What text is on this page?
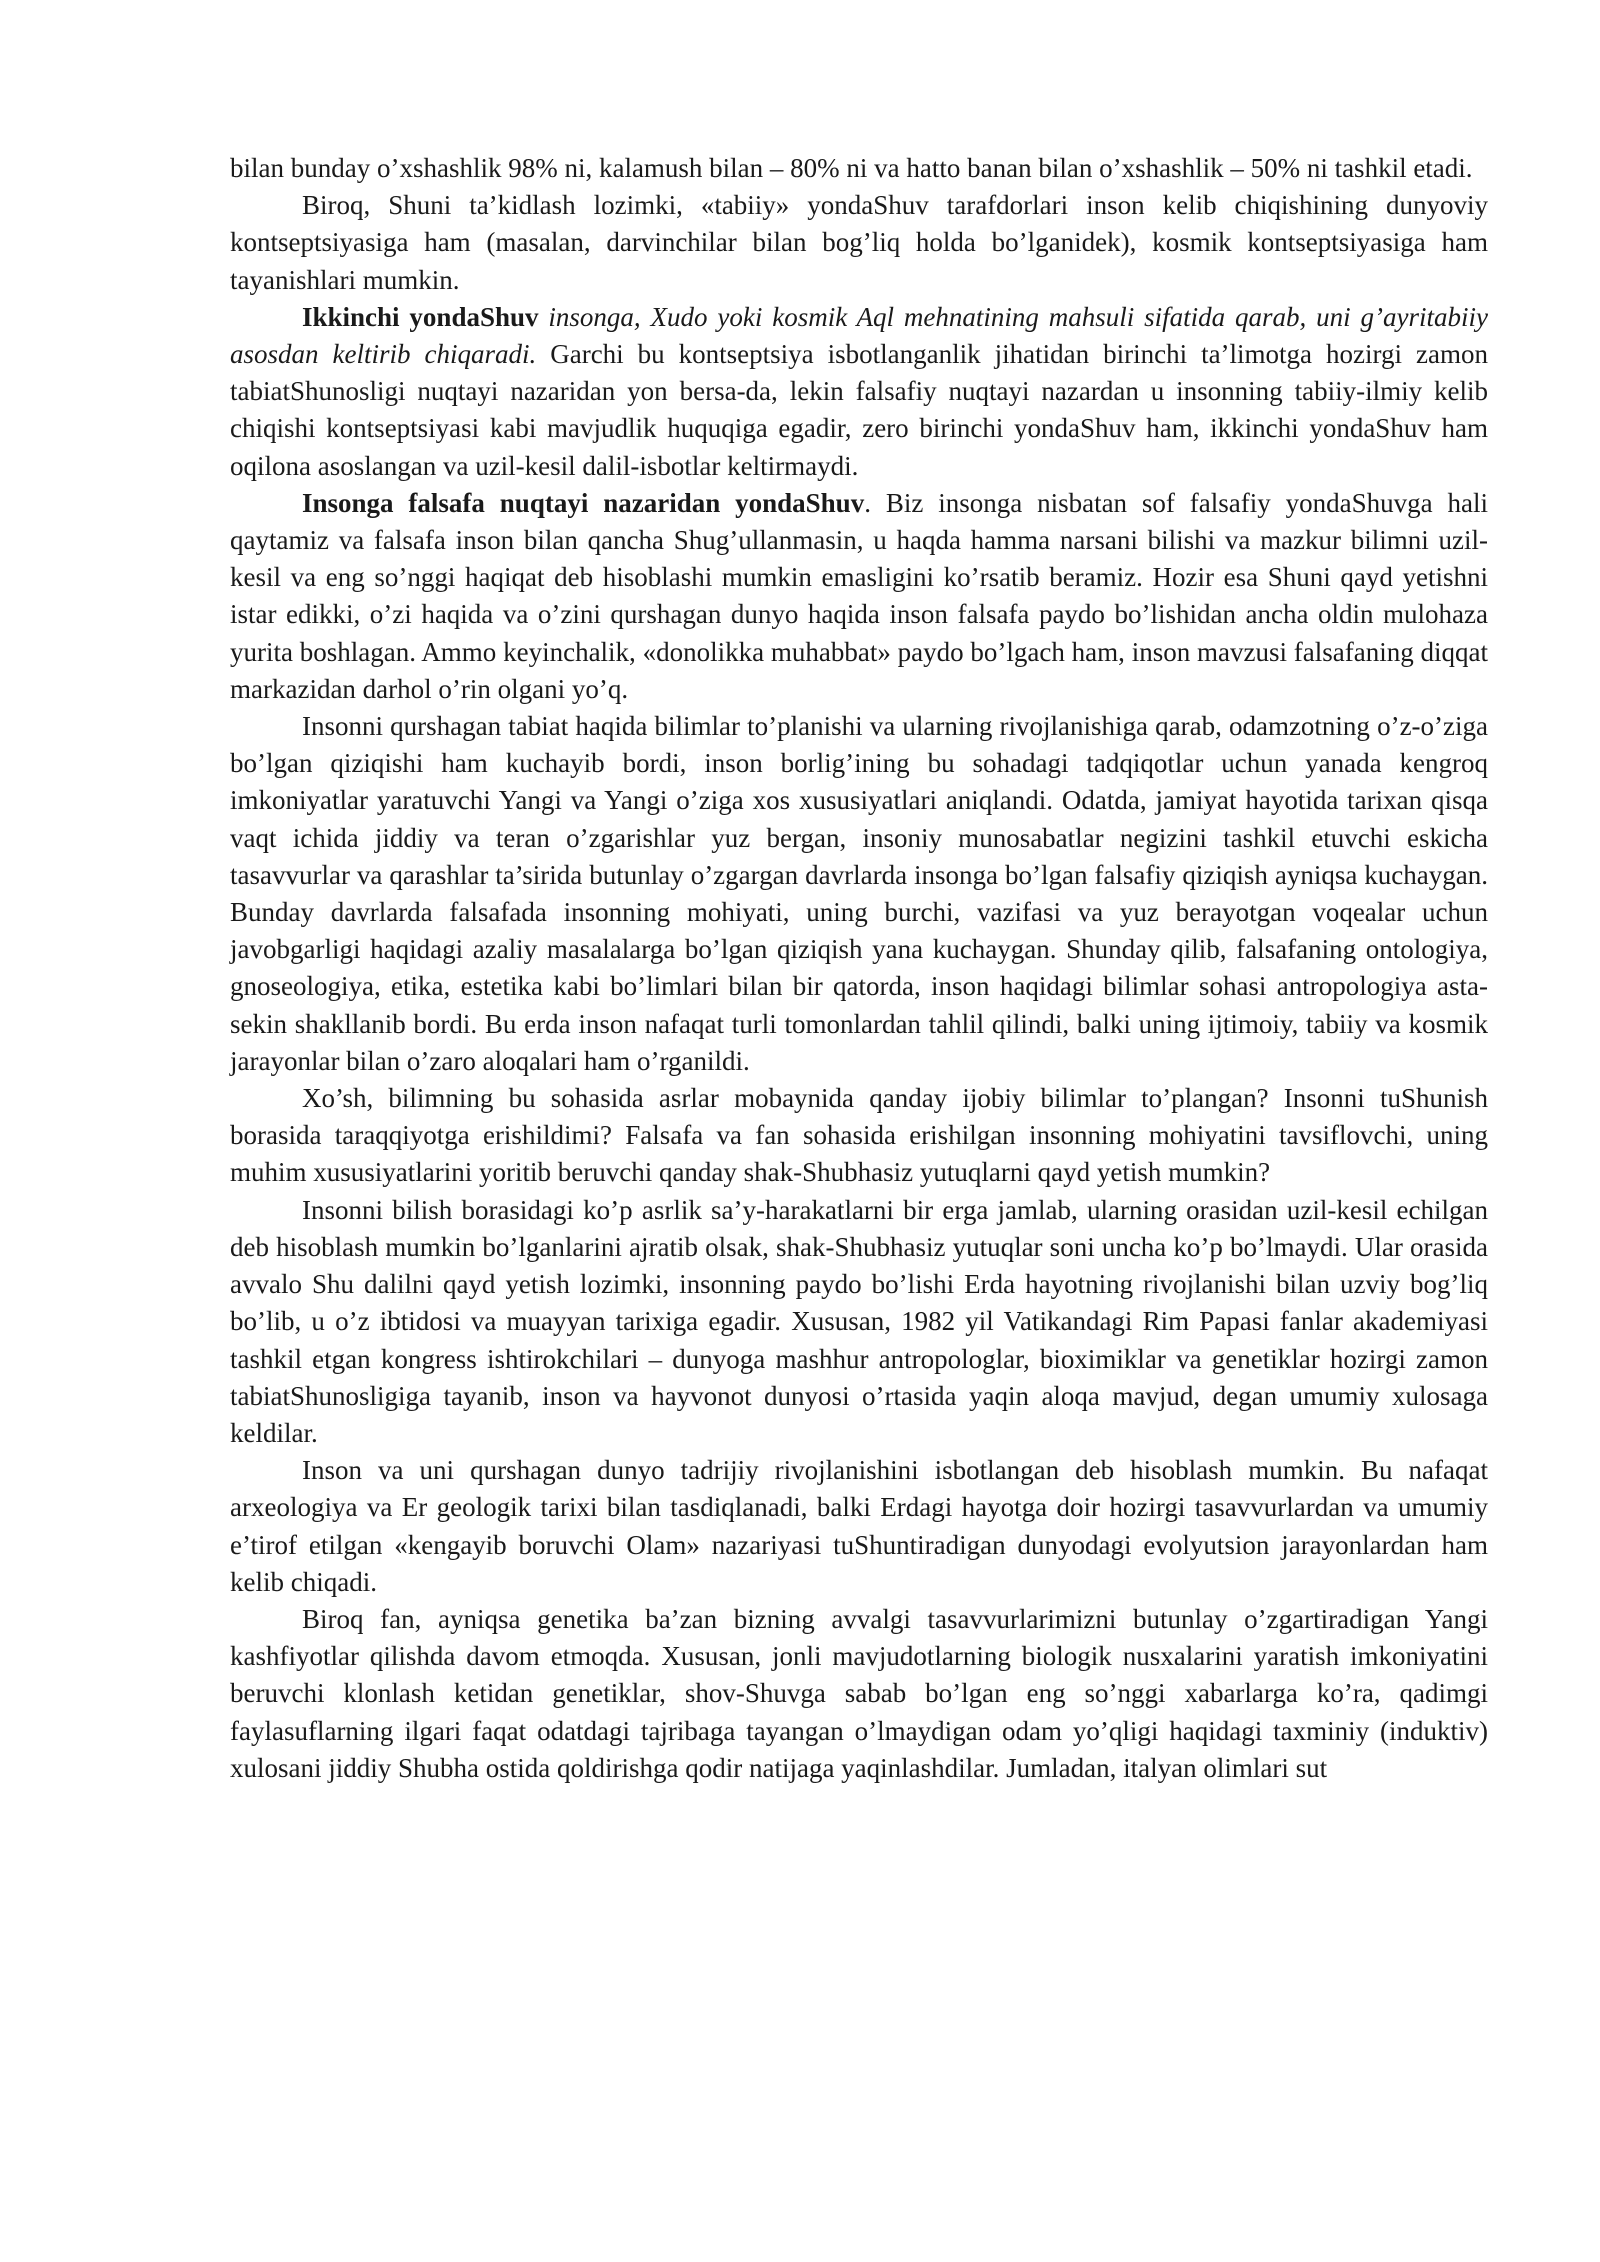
bilan bunday o’xshashlik 98% ni, kalamush bilan – 80% ni va hatto banan bilan o’xshashlik – 50% ni tashkil etadi.

Biroq, Shuni ta’kidlash lozimki, «tabiiy» yondaShuv tarafdorlari inson kelib chiqishining dunyoviy kontseptsiyasiga ham (masalan, darvinchilar bilan bog’liq holda bo’lganidek), kosmik kontseptsiyasiga ham tayanishlari mumkin.

Ikkinchi yondaShuv insonga, Xudo yoki kosmik Aql mehnatining mahsuli sifatida qarab, uni g’ayritabiiy asosdan keltirib chiqaradi. Garchi bu kontseptsiya isbotlanganlik jihatidan birinchi ta’limotga hozirgi zamon tabiatShunosligi nuqtayi nazaridan yon bersa-da, lekin falsafiy nuqtayi nazardan u insonning tabiiy-ilmiy kelib chiqishi kontseptsiyasi kabi mavjudlik huquqiga egadir, zero birinchi yondaShuv ham, ikkinchi yondaShuv ham oqilona asoslangan va uzil-kesil dalil-isbotlar keltirmaydi.

Insonga falsafa nuqtayi nazaridan yondaShuv. Biz insonga nisbatan sof falsafiy yondaShuvga hali qaytamiz va falsafa inson bilan qancha Shug’ullanmasin, u haqda hamma narsani bilishi va mazkur bilimni uzil-kesil va eng so’nggi haqiqat deb hisoblashi mumkin emasligini ko’rsatib beramiz. Hozir esa Shuni qayd yetishni istar edikki, o’zi haqida va o’zini qurshagan dunyo haqida inson falsafa paydo bo’lishidan ancha oldin mulohaza yurita boshlagan. Ammo keyinchalik, «donolikka muhabbat» paydo bo’lgach ham, inson mavzusi falsafaning diqqat markazidan darhol o’rin olgani yo’q.

Insonni qurshagan tabiat haqida bilimlar to’planishi va ularning rivojlanishiga qarab, odamzotning o’z-o’ziga bo’lgan qiziqishi ham kuchayib bordi, inson borlig’ining bu sohadagi tadqiqotlar uchun yanada kengroq imkoniyatlar yaratuvchi Yangi va Yangi o’ziga xos xususiyatlari aniqlandi. Odatda, jamiyat hayotida tarixan qisqa vaqt ichida jiddiy va teran o’zgarishlar yuz bergan, insoniy munosabatlar negizini tashkil etuvchi eskicha tasavvurlar va qarashlar ta’sirida butunlay o’zgargan davrlarda insonga bo’lgan falsafiy qiziqish ayniqsa kuchaygan. Bunday davrlarda falsafada insonning mohiyati, uning burchi, vazifasi va yuz berayotgan voqealar uchun javobgarligi haqidagi azaliy masalalarga bo’lgan qiziqish yana kuchaygan. Shunday qilib, falsafaning ontologiya, gnoseologiya, etika, estetika kabi bo’limlari bilan bir qatorda, inson haqidagi bilimlar sohasi antropologiya asta-sekin shakllanib bordi. Bu erda inson nafaqat turli tomonlardan tahlil qilindi, balki uning ijtimoiy, tabiiy va kosmik jarayonlar bilan o’zaro aloqalari ham o’rganildi.

Xo’sh, bilimning bu sohasida asrlar mobaynida qanday ijobiy bilimlar to’plangan? Insonni tuShunish borasida taraqqiyotga erishildimi? Falsafa va fan sohasida erishilgan insonning mohiyatini tavsiflovchi, uning muhim xususiyatlarini yoritib beruvchi qanday shak-Shubhasiz yutuqlarni qayd yetish mumkin?

Insonni bilish borasidagi ko’p asrlik sa’y-harakatlarni bir erga jamlab, ularning orasidan uzil-kesil echilgan deb hisoblash mumkin bo’lganlarini ajratib olsak, shak-Shubhasiz yutuqlar soni uncha ko’p bo’lmaydi. Ular orasida avvalo Shu dalilni qayd yetish lozimki, insonning paydo bo’lishi Erda hayotning rivojlanishi bilan uzviy bog’liq bo’lib, u o’z ibtidosi va muayyan tarixiga egadir. Xususan, 1982 yil Vatikandagi Rim Papasi fanlar akademiyasi tashkil etgan kongress ishtirokchilari – dunyoga mashhur antropologlar, bioximiklar va genetiklar hozirgi zamon tabiatShunosligiga tayanib, inson va hayvonot dunyosi o’rtasida yaqin aloqa mavjud, degan umumiy xulosaga keldilar.

Inson va uni qurshagan dunyo tadrijiy rivojlanishini isbotlangan deb hisoblash mumkin. Bu nafaqat arxeologiya va Er geologik tarixi bilan tasdiqlanadi, balki Erdagi hayotga doir hozirgi tasavvurlardan va umumiy e’tirof etilgan «kengayib boruvchi Olam» nazariyasi tuShuntiradigan dunyodagi evolyutsion jarayonlardan ham kelib chiqadi.

Biroq fan, ayniqsa genetika ba’zan bizning avvalgi tasavvurlarimizni butunlay o’zgartiradigan Yangi kashfiyotlar qilishda davom etmoqda. Xususan, jonli mavjudotlarning biologik nusxalarini yaratish imkoniyatini beruvchi klonlash ketidan genetiklar, shov-Shuvga sabab bo’lgan eng so’nggi xabarlarga ko’ra, qadimgi faylasuflarning ilgari faqat odatdagi tajribaga tayangan o’lmaydigan odam yo’qligi haqidagi taxminiy (induktiv) xulosani jiddiy Shubha ostida qoldirishga qodir natijaga yaqinlashdilar. Jumladan, italyan olimlari sut
